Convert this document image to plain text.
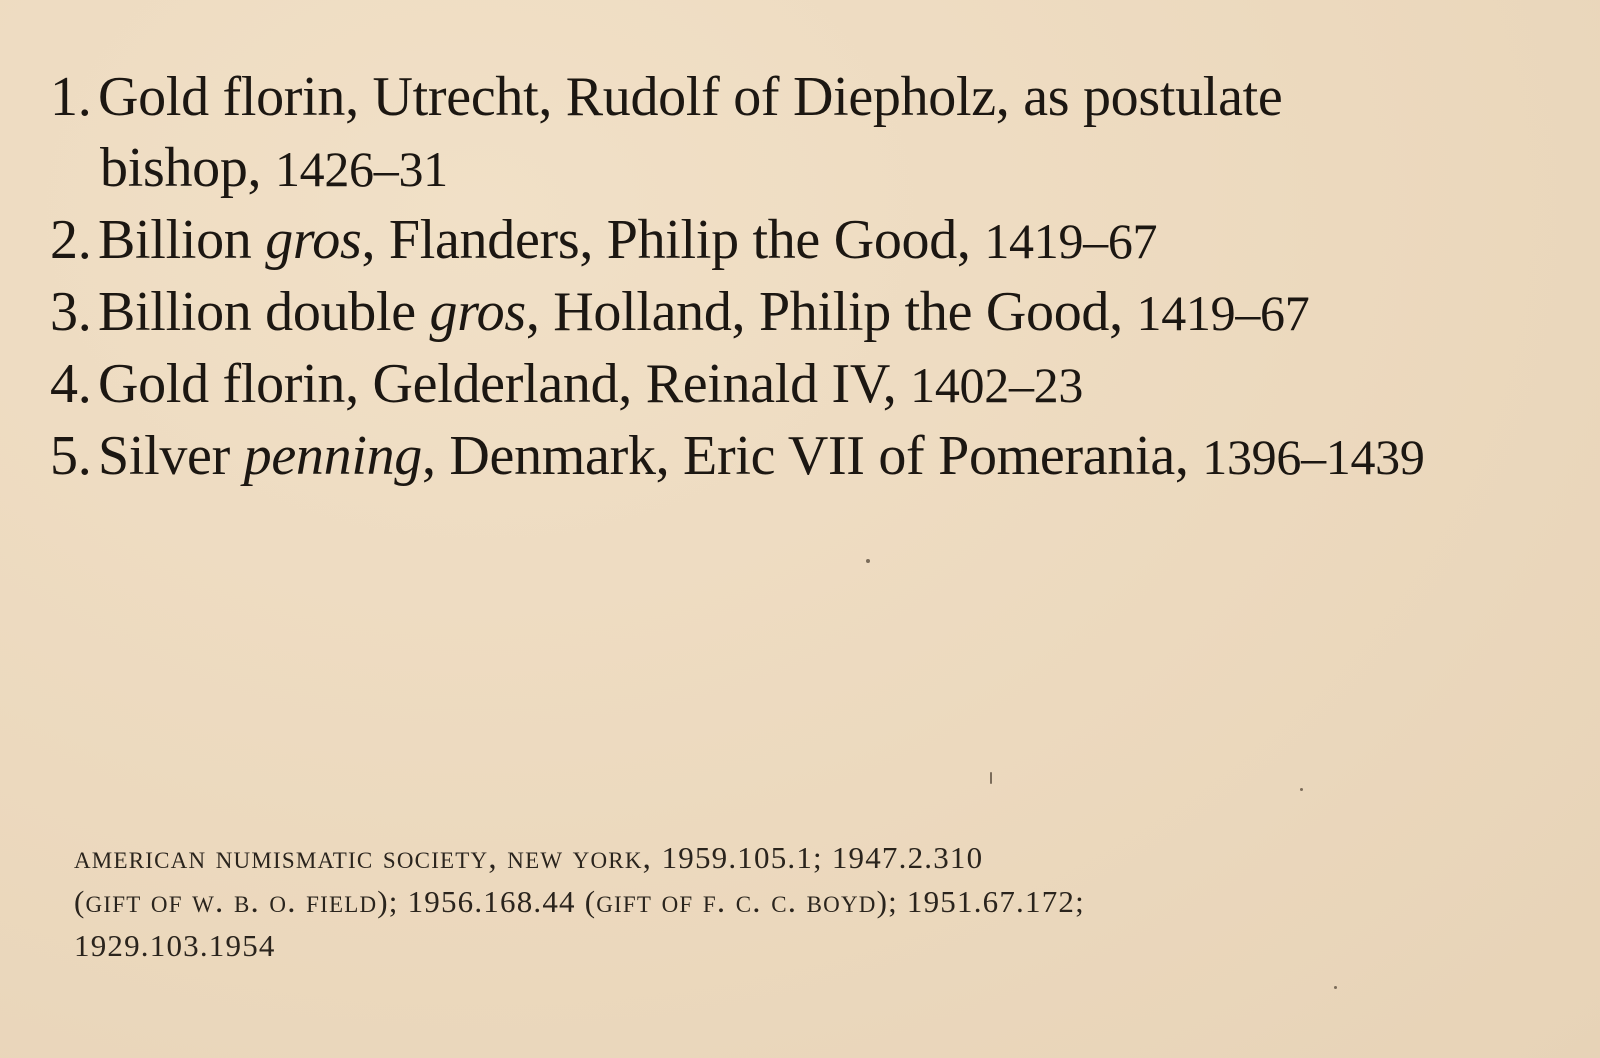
1. Gold florin, Utrecht, Rudolf of Diepholz, as postulate
bishop, 1426–31
2. Billion gros, Flanders, Philip the Good, 1419–67
3. Billion double gros, Holland, Philip the Good, 1419–67
4. Gold florin, Gelderland, Reinald IV, 1402–23
5. Silver penning, Denmark, Eric VII of Pomerania, 1396–1439

american numismatic society, new york, 1959.105.1; 1947.2.310
(gift of w. b. o. field); 1956.168.44 (gift of f. c. c. boyd); 1951.67.172;
1929.103.1954
